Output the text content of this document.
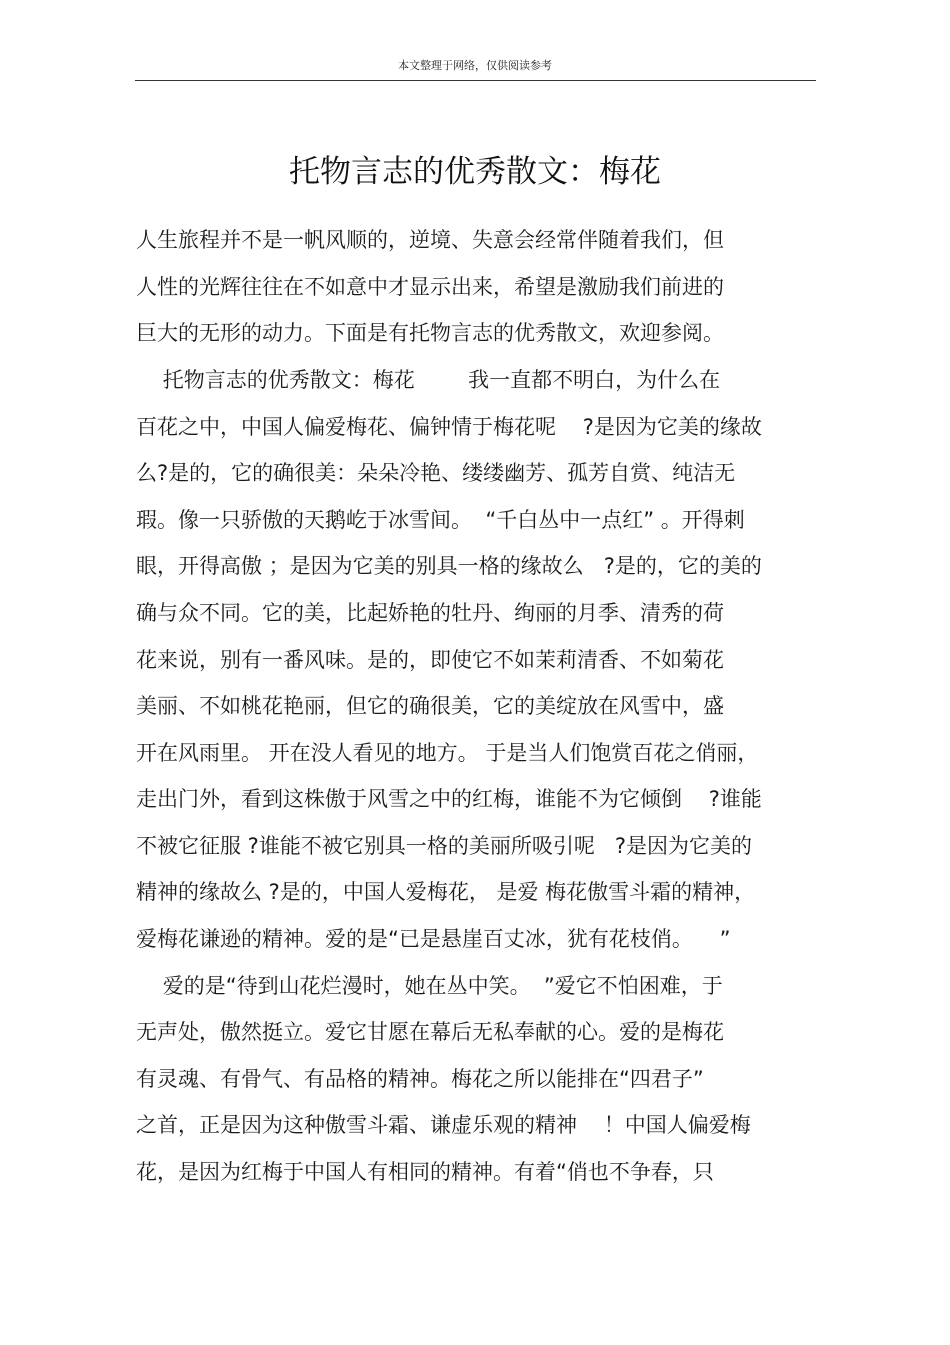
本文整理于网络，仅供阅读参考
托物言志的优秀散文：梅花
人生旅程并不是一帆风顺的，逆境、失意会经常伴随着我们，但
人性的光辉往往在不如意中才显示出来，希望是激励我们前进的
巨大的无形的动力。下面是有托物言志的优秀散文，欢迎参阅。
托物言志的优秀散文：梅花        我一直都不明白，为什么在
百花之中，中国人偏爱梅花、偏钟情于梅花呢    ?是因为它美的缘故
么?是的，它的确很美：朵朵冷艳、缕缕幽芳、孤芳自赏、纯洁无
瑕。像一只骄傲的天鹅屹于冰雪间。  “千白丛中一点红” 。开得刺
眼，开得高傲 ；是因为它美的别具一格的缘故么   ?是的，它的美的
确与众不同。它的美，比起娇艳的牡丹、绚丽的月季、清秀的荷
花来说，别有一番风味。是的，即使它不如茉莉清香、不如菊花
美丽、不如桃花艳丽，但它的确很美，它的美绽放在风雪中，盛
开在风雨里。 开在没人看见的地方。 于是当人们饱赏百花之俏丽，
走出门外，看到这株傲于风雪之中的红梅，谁能不为它倾倒    ?谁能
不被它征服 ?谁能不被它别具一格的美丽所吸引呢   ?是因为它美的
精神的缘故么 ?是的，中国人爱梅花， 是爱 梅花傲雪斗霜的精神，
爱梅花谦逊的精神。爱的是“已是悬崖百丈冰，犹有花枝俏。    ”
爱的是“待到山花烂漫时，她在丛中笑。  ”爱它不怕困难，于
无声处，傲然挺立。爱它甘愿在幕后无私奉献的心。爱的是梅花
有灵魂、有骨气、有品格的精神。梅花之所以能排在“四君子”
之首，正是因为这种傲雪斗霜、谦虚乐观的精神    ！中国人偏爱梅
花，是因为红梅于中国人有相同的精神。有着“俏也不争春，只
